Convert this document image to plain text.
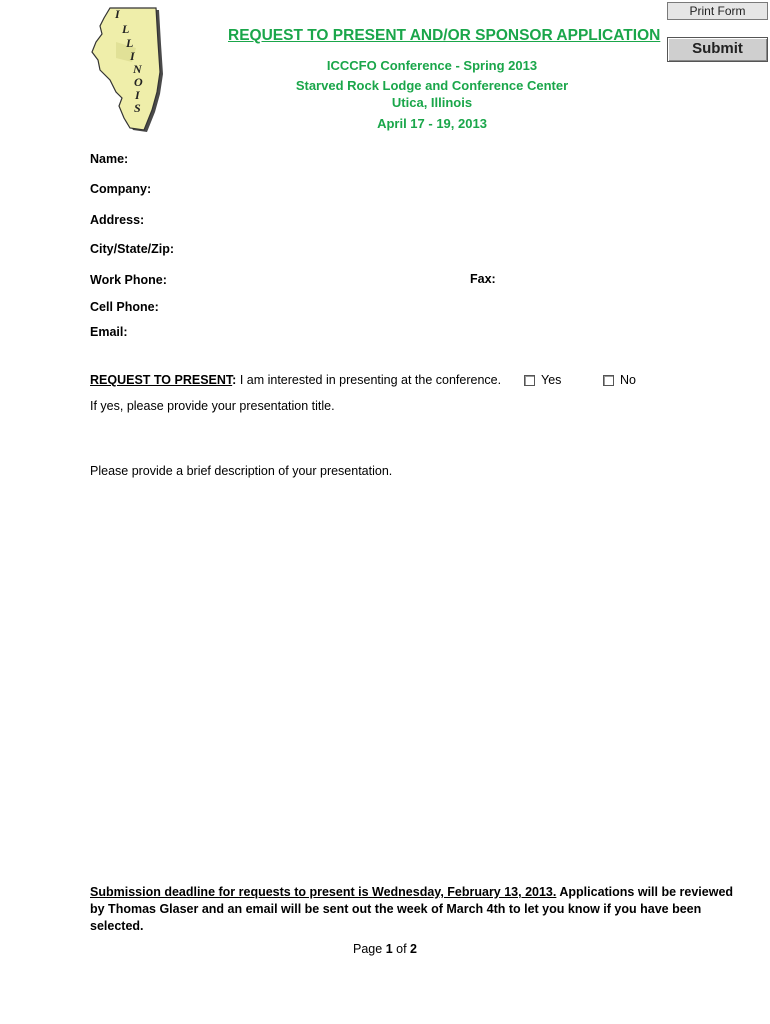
I
L
L
I
N
O
I
S
Print Form
Submit
REQUEST TO PRESENT AND/OR SPONSOR APPLICATION
ICCCFO Conference - Spring 2013
Starved Rock Lodge and Conference Center
Utica, Illinois
April 17 - 19, 2013
Name:
Company:
Address:
City/State/Zip:
Work Phone:	Fax:
Cell Phone:
Email:
REQUEST TO PRESENT: I am interested in presenting at the conference.	Yes	No
If yes, please provide your presentation title.
Please provide a brief description of your presentation.
Submission deadline for requests to present is Wednesday, February 13, 2013. Applications will be reviewed by Thomas Glaser and an email will be sent out the week of March 4th to let you know if you have been selected.
Page 1 of 2
